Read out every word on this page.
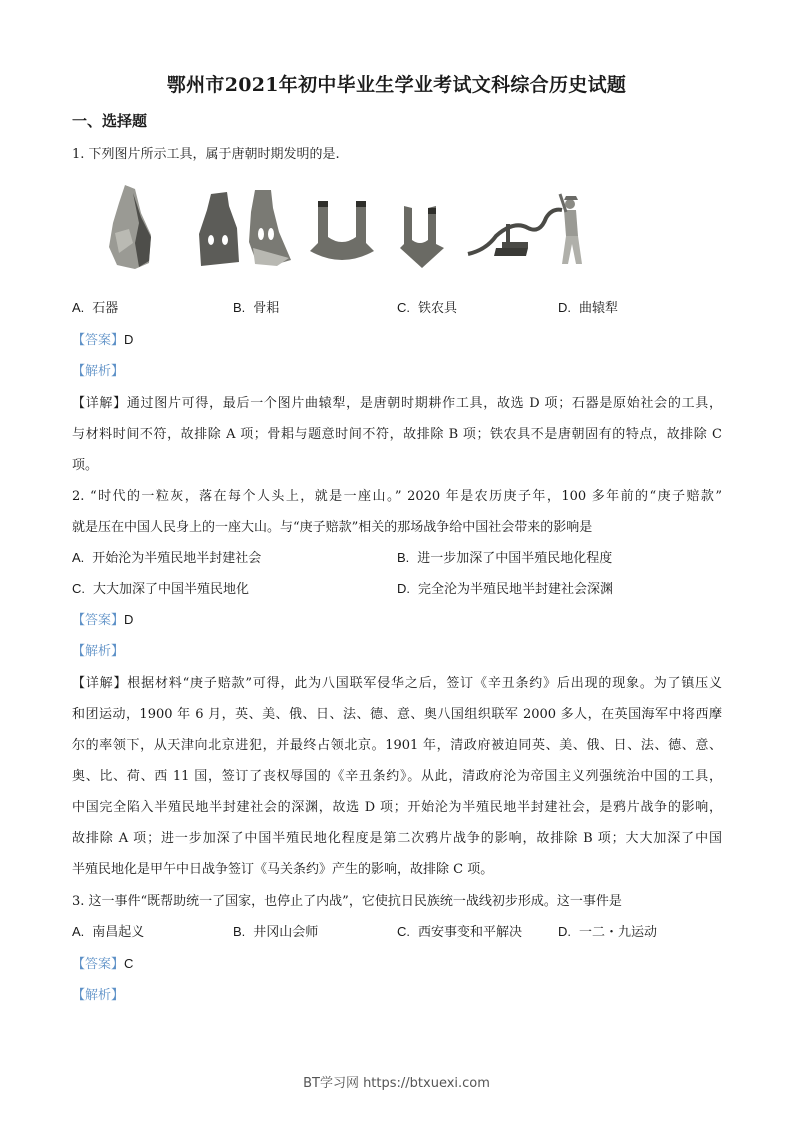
鄂州市2021年初中毕业生学业考试文科综合历史试题
一、选择题
1. 下列图片所示工具，属于唐朝时期发明的是.
A. 石器	B. 骨耜	C. 铁农具	D. 曲辕犁
【答案】D
【解析】
【详解】通过图片可得，最后一个图片曲辕犁，是唐朝时期耕作工具，故选 D 项；石器是原始社会的工具，
与材料时间不符，故排除 A 项；骨耜与题意时间不符，故排除 B 项；铁农具不是唐朝固有的特点，故排除 C
项。
2. “时代的一粒灰，落在每个人头上，就是一座山。” 2020 年是农历庚子年，100 多年前的“庚子赔款”
就是压在中国人民身上的一座大山。与“庚子赔款”相关的那场战争给中国社会带来的影响是
A. 开始沦为半殖民地半封建社会	B. 进一步加深了中国半殖民地化程度
C. 大大加深了中国半殖民地化	D. 完全沦为半殖民地半封建社会深渊
【答案】D
【解析】
【详解】根据材料“庚子赔款”可得，此为八国联军侵华之后，签订《辛丑条约》后出现的现象。为了镇压义
和团运动，1900 年 6 月，英、美、俄、日、法、德、意、奥八国组织联军 2000 多人，在英国海军中将西摩
尔的率领下，从天津向北京进犯，并最终占领北京。1901 年，清政府被迫同英、美、俄、日、法、德、意、
奥、比、荷、西 11 国，签订了丧权辱国的《辛丑条约》。从此，清政府沦为帝国主义列强统治中国的工具，
中国完全陷入半殖民地半封建社会的深渊，故选 D 项；开始沦为半殖民地半封建社会，是鸦片战争的影响，
故排除 A 项；进一步加深了中国半殖民地化程度是第二次鸦片战争的影响，故排除 B 项；大大加深了中国
半殖民地化是甲午中日战争签订《马关条约》产生的影响，故排除 C 项。
3. 这一事件“既帮助统一了国家，也停止了内战”，它使抗日民族统一战线初步形成。这一事件是
A. 南昌起义	B. 井冈山会师	C. 西安事变和平解决	D. 一二・九运动
【答案】C
【解析】
BT学习网 https://btxuexi.com
